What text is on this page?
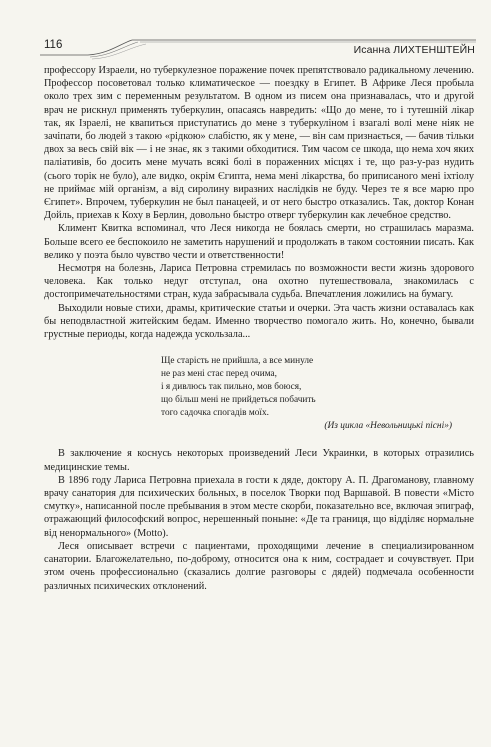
116	Исанна ЛИХТЕНШТЕЙН

профессору Израели, но туберкулезное поражение почек препятствовало радикальному лечению. Профессор посоветовал только климатическое — поездку в Египет. В Африке Леся пробыла около трех зим с переменным результатом. В одном из писем она признавалась, что и другой врач не рискнул применять туберкулин, опасаясь навредить: «Що до мене, то і тутешній лікар так, як Ізраелі, не квапиться приступатись до мене з туберкуліном і взагалі волі мене ніяк не зачіпати, бо людей з такою «рідкою» слабістю, як у мене, — він сам признається, — бачив тільки двох за весь свій вік — і не знає, як з такими обходитися. Тим часом се шкода, що нема хоч яких паліативів, бо досить мене мучать всякі болі в пораженних місцях і те, що раз-у-раз нудить (сього торік не було), але видко, окрім Єгипта, нема мені лікарства, бо приписаного мені іхтіолу не приймає мій організм, а від сиролину виразних наслідків не буду. Через те я все марю про Єгипет». Впрочем, туберкулин не был панацеей, и от него быстро отказались. Так, доктор Конан Дойль, приехав к Коху в Берлин, довольно быстро отверг туберкулин как лечебное средство.

Климент Квитка вспоминал, что Леся никогда не боялась смерти, но страшилась маразма. Больше всего ее беспокоило не заметить нарушений и продолжать в таком состоянии писать. Как велико у поэта было чувство чести и ответственности!

Несмотря на болезнь, Лариса Петровна стремилась по возможности вести жизнь здорового человека. Как только недуг отступал, она охотно путешествовала, знакомилась с достопримечательностями стран, куда забрасывала судьба. Впечатления ложились на бумагу.

Выходили новые стихи, драмы, критические статьи и очерки. Эта часть жизни оставалась как бы неподвластной житейским бедам. Именно творчество помогало жить. Но, конечно, бывали грустные периоды, когда надежда ускользала...

Ще старість не прийшла, а все минуле
не раз мені стає перед очима,
і я дивлюсь так пильно, мов боюся,
що більш мені не прийдеться побачить
того садочка спогадів моїх.

(Из цикла «Невольницькі пісні»)

В заключение я коснусь некоторых произведений Леси Украинки, в которых отразились медицинские темы.

В 1896 году Лариса Петровна приехала в гости к дяде, доктору А. П. Драгоманову, главному врачу санатория для психических больных, в поселок Творки под Варшавой. В повести «Місто смутку», написанной после пребывания в этом месте скорби, показательно все, включая эпиграф, отражающий философский вопрос, нерешенный поныне: «Де та границя, що відділяє нормальне від ненормального» (Motto).

Леся описывает встречи с пациентами, проходящими лечение в специализированном санатории. Благожелательно, по-доброму, относится она к ним, сострадает и сочувствует. При этом очень профессионально (сказались долгие разговоры с дядей) подмечала особенности различных психических отклонений.
